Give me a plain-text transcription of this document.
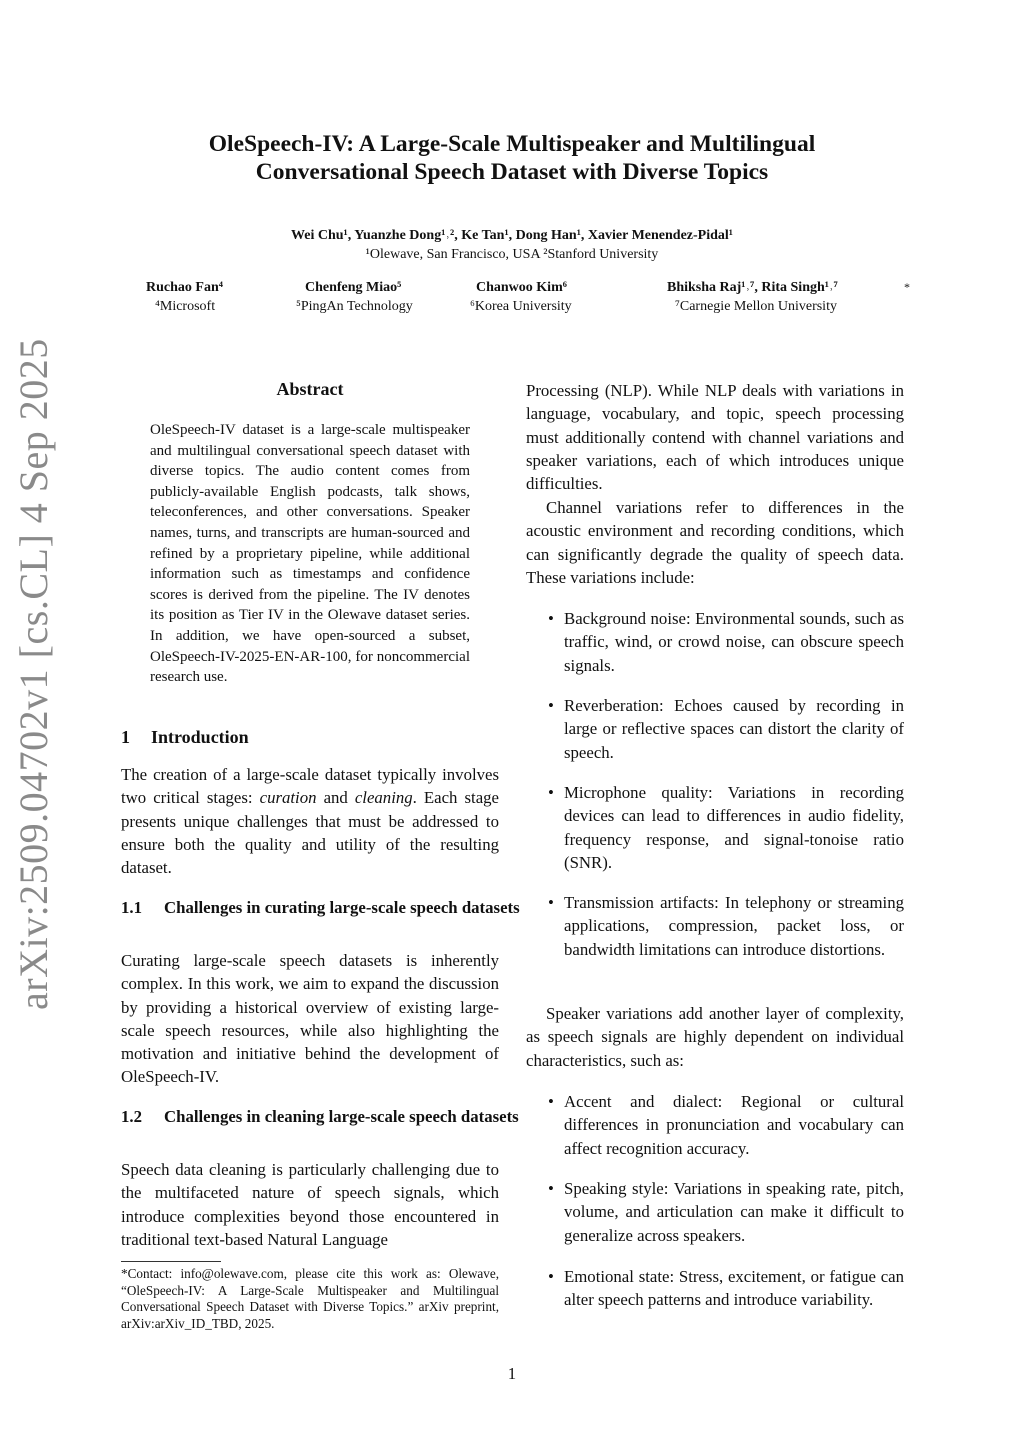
arXiv:2509.04702v1 [cs.CL] 4 Sep 2025
OleSpeech-IV: A Large-Scale Multispeaker and Multilingual Conversational Speech Dataset with Diverse Topics
Wei Chu¹, Yuanzhe Dong¹˒², Ke Tan¹, Dong Han¹, Xavier Menendez-Pidal¹
¹Olewave, San Francisco, USA ²Stanford University
Ruchao Fan⁴
⁴Microsoft
Chenfeng Miao⁵
⁵PingAn Technology
Chanwoo Kim⁶
⁶Korea University
Bhiksha Raj¹˒⁷, Rita Singh¹˒⁷
⁷Carnegie Mellon University
*
Abstract
OleSpeech-IV dataset is a large-scale multispeaker and multilingual conversational speech dataset with diverse topics. The audio content comes from publicly-available English podcasts, talk shows, teleconferences, and other conversations. Speaker names, turns, and transcripts are human-sourced and refined by a proprietary pipeline, while additional information such as timestamps and confidence scores is derived from the pipeline. The IV denotes its position as Tier IV in the Olewave dataset series. In addition, we have open-sourced a subset, OleSpeech-IV-2025-EN-AR-100, for noncommercial research use.
1 Introduction
The creation of a large-scale dataset typically involves two critical stages: curation and cleaning. Each stage presents unique challenges that must be addressed to ensure both the quality and utility of the resulting dataset.
1.1 Challenges in curating large-scale speech datasets
Curating large-scale speech datasets is inherently complex. In this work, we aim to expand the discussion by providing a historical overview of existing large-scale speech resources, while also highlighting the motivation and initiative behind the development of OleSpeech-IV.
1.2 Challenges in cleaning large-scale speech datasets
Speech data cleaning is particularly challenging due to the multifaceted nature of speech signals, which introduce complexities beyond those encountered in traditional text-based Natural Language
*Contact: info@olewave.com, please cite this work as: Olewave, “OleSpeech-IV: A Large-Scale Multispeaker and Multilingual Conversational Speech Dataset with Diverse Topics.” arXiv preprint, arXiv:arXiv_ID_TBD, 2025.
Processing (NLP). While NLP deals with variations in language, vocabulary, and topic, speech processing must additionally contend with channel variations and speaker variations, each of which introduces unique difficulties.
Channel variations refer to differences in the acoustic environment and recording conditions, which can significantly degrade the quality of speech data. These variations include:
• Background noise: Environmental sounds, such as traffic, wind, or crowd noise, can obscure speech signals.
• Reverberation: Echoes caused by recording in large or reflective spaces can distort the clarity of speech.
• Microphone quality: Variations in recording devices can lead to differences in audio fidelity, frequency response, and signal-tonoise ratio (SNR).
• Transmission artifacts: In telephony or streaming applications, compression, packet loss, or bandwidth limitations can introduce distortions.
Speaker variations add another layer of complexity, as speech signals are highly dependent on individual characteristics, such as:
• Accent and dialect: Regional or cultural differences in pronunciation and vocabulary can affect recognition accuracy.
• Speaking style: Variations in speaking rate, pitch, volume, and articulation can make it difficult to generalize across speakers.
• Emotional state: Stress, excitement, or fatigue can alter speech patterns and introduce variability.
1
